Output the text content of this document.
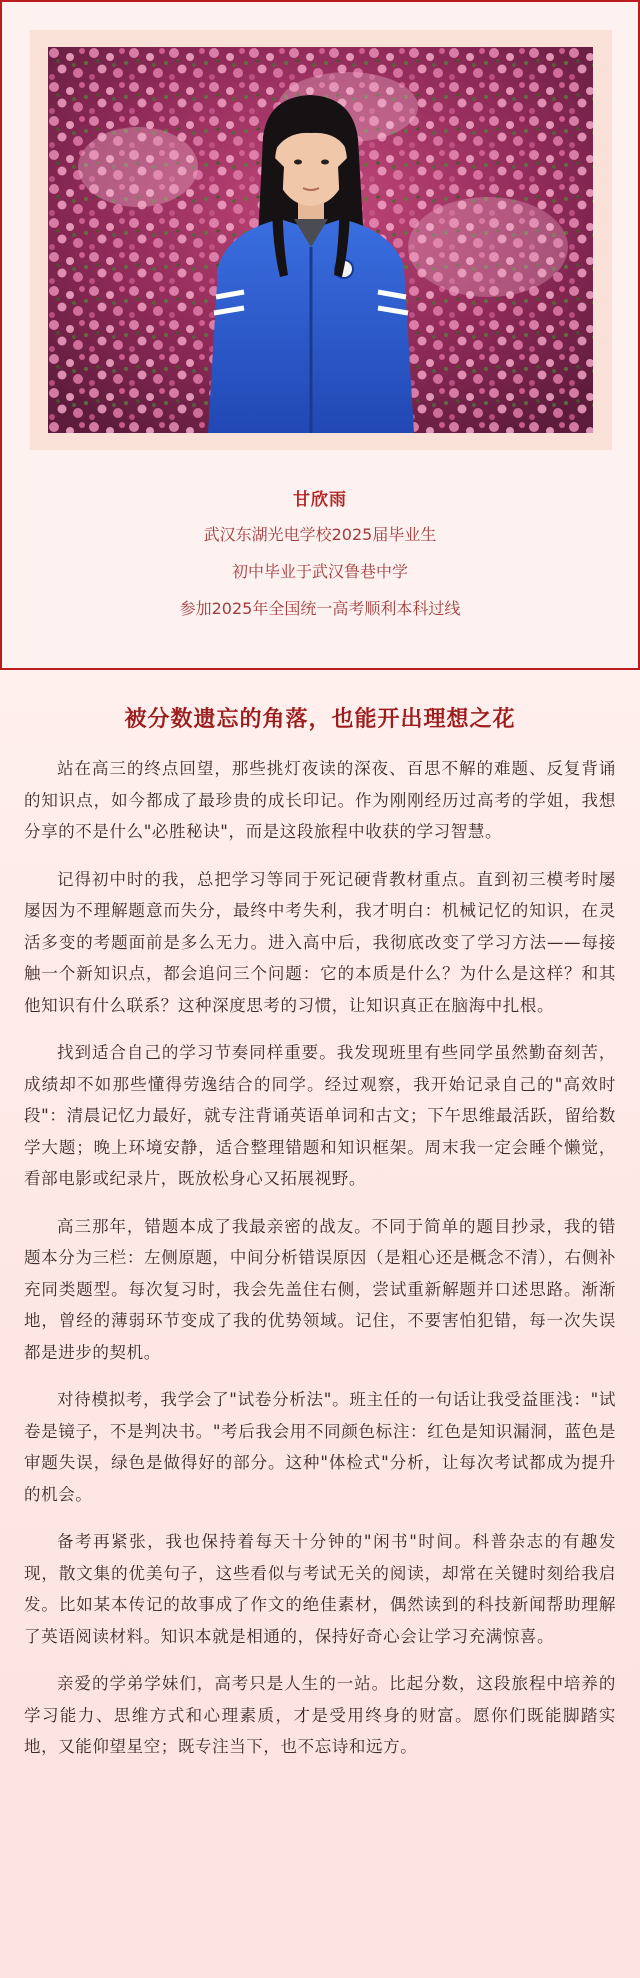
甘欣雨
武汉东湖光电学校2025届毕业生
初中毕业于武汉鲁巷中学
参加2025年全国统一高考顺利本科过线
被分数遗忘的角落，也能开出理想之花

站在高三的终点回望，那些挑灯夜读的深夜、百思不解的难题、反复背诵的知识点，如今都成了最珍贵的成长印记。作为刚刚经历过高考的学姐，我想分享的不是什么"必胜秘诀"，而是这段旅程中收获的学习智慧。

记得初中时的我，总把学习等同于死记硬背教材重点。直到初三模考时屡屡因为不理解题意而失分，最终中考失利，我才明白：机械记忆的知识，在灵活多变的考题面前是多么无力。进入高中后，我彻底改变了学习方法——每接触一个新知识点，都会追问三个问题：它的本质是什么？为什么是这样？和其他知识有什么联系？这种深度思考的习惯，让知识真正在脑海中扎根。

找到适合自己的学习节奏同样重要。我发现班里有些同学虽然勤奋刻苦，成绩却不如那些懂得劳逸结合的同学。经过观察，我开始记录自己的"高效时段"：清晨记忆力最好，就专注背诵英语单词和古文；下午思维最活跃，留给数学大题；晚上环境安静，适合整理错题和知识框架。周末我一定会睡个懒觉，看部电影或纪录片，既放松身心又拓展视野。

高三那年，错题本成了我最亲密的战友。不同于简单的题目抄录，我的错题本分为三栏：左侧原题，中间分析错误原因（是粗心还是概念不清），右侧补充同类题型。每次复习时，我会先盖住右侧，尝试重新解题并口述思路。渐渐地，曾经的薄弱环节变成了我的优势领域。记住，不要害怕犯错，每一次失误都是进步的契机。

对待模拟考，我学会了"试卷分析法"。班主任的一句话让我受益匪浅："试卷是镜子，不是判决书。"考后我会用不同颜色标注：红色是知识漏洞，蓝色是审题失误，绿色是做得好的部分。这种"体检式"分析，让每次考试都成为提升的机会。

备考再紧张，我也保持着每天十分钟的"闲书"时间。科普杂志的有趣发现，散文集的优美句子，这些看似与考试无关的阅读，却常在关键时刻给我启发。比如某本传记的故事成了作文的绝佳素材，偶然读到的科技新闻帮助理解了英语阅读材料。知识本就是相通的，保持好奇心会让学习充满惊喜。

亲爱的学弟学妹们，高考只是人生的一站。比起分数，这段旅程中培养的学习能力、思维方式和心理素质，才是受用终身的财富。愿你们既能脚踏实地，又能仰望星空；既专注当下，也不忘诗和远方。
